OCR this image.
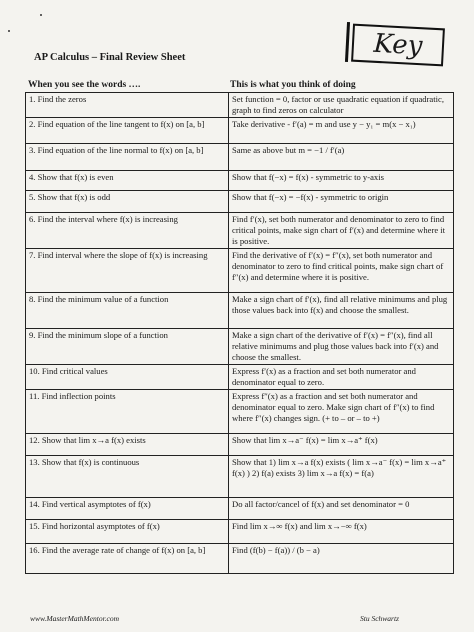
Key
AP Calculus – Final Review Sheet
When you see the words ….	This is what you think of doing
1. Find the zeros	Set function = 0, factor or use quadratic equation if quadratic, graph to find zeros on calculator
2. Find equation of the line tangent to f(x) on [a, b]	Take derivative - f′(a) = m and use y − y₁ = m(x − x₁)
3. Find equation of the line normal to f(x) on [a, b]	Same as above but m = −1 / f′(a)
4. Show that f(x) is even	Show that f(−x) = f(x) - symmetric to y-axis
5. Show that f(x) is odd	Show that f(−x) = −f(x) - symmetric to origin
6. Find the interval where f(x) is increasing	Find f′(x), set both numerator and denominator to zero to find critical points, make sign chart of f′(x) and determine where it is positive.
7. Find interval where the slope of f(x) is increasing	Find the derivative of f′(x) = f″(x), set both numerator and denominator to zero to find critical points, make sign chart of f″(x) and determine where it is positive.
8. Find the minimum value of a function	Make a sign chart of f′(x), find all relative minimums and plug those values back into f(x) and choose the smallest.
9. Find the minimum slope of a function	Make a sign chart of the derivative of f′(x) = f″(x), find all relative minimums and plug those values back into f′(x) and choose the smallest.
10. Find critical values	Express f′(x) as a fraction and set both numerator and denominator equal to zero.
11. Find inflection points	Express f″(x) as a fraction and set both numerator and denominator equal to zero. Make sign chart of f″(x) to find where f″(x) changes sign. (+ to – or – to +)
12. Show that lim x→a f(x) exists	Show that lim x→a⁻ f(x) = lim x→a⁺ f(x)
13. Show that f(x) is continuous	Show that 1) lim x→a f(x) exists ( lim x→a⁻ f(x) = lim x→a⁺ f(x) ) 2) f(a) exists 3) lim x→a f(x) = f(a)
14. Find vertical asymptotes of f(x)	Do all factor/cancel of f(x) and set denominator = 0
15. Find horizontal asymptotes of f(x)	Find lim x→∞ f(x) and lim x→−∞ f(x)
16. Find the average rate of change of f(x) on [a, b]	Find (f(b) − f(a)) / (b − a)
www.MasterMathMentor.com	Stu Schwartz
